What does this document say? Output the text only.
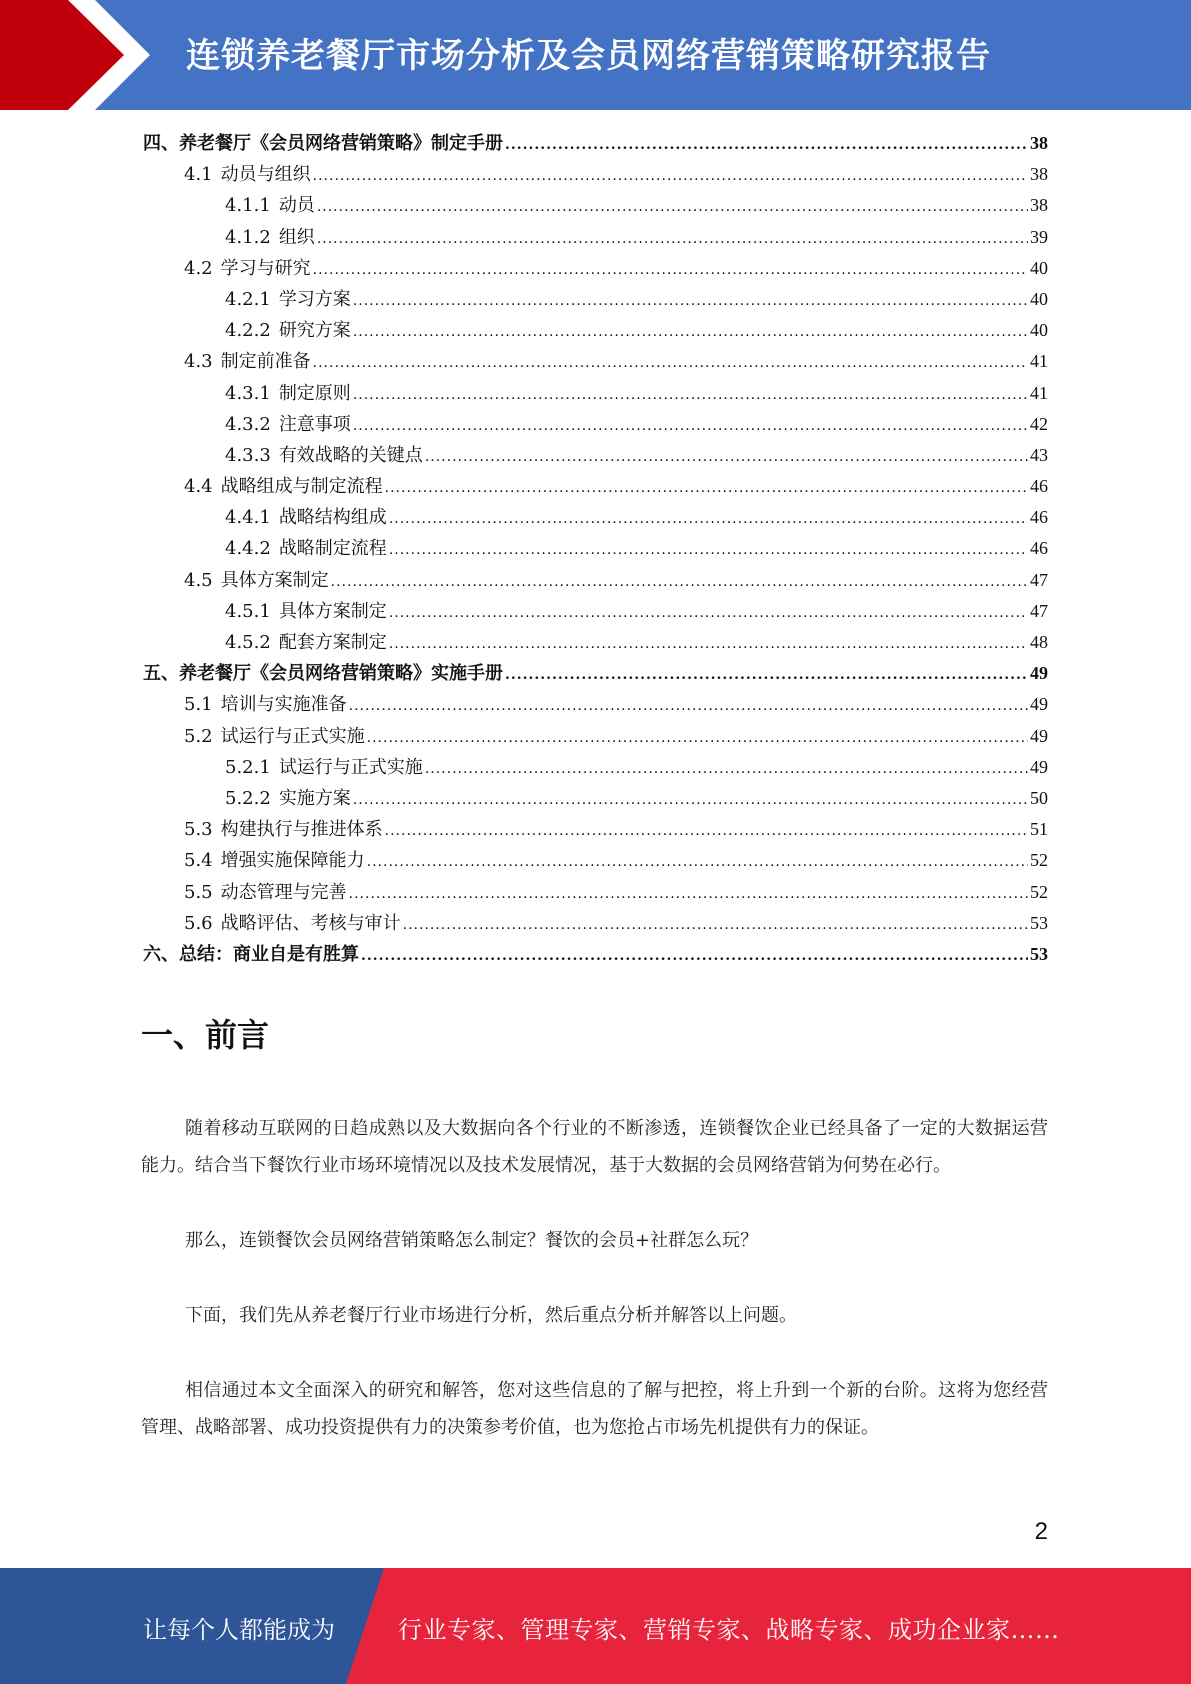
连锁养老餐厅市场分析及会员网络营销策略研究报告
四、养老餐厅《会员网络营销策略》制定手册 .....	38
4.1 动员与组织 .....	38
4.1.1 动员 .....	38
4.1.2 组织 .....	39
4.2 学习与研究 .....	40
4.2.1 学习方案 .....	40
4.2.2 研究方案 .....	40
4.3 制定前准备 .....	41
4.3.1 制定原则 .....	41
4.3.2 注意事项 .....	42
4.3.3 有效战略的关键点 .....	43
4.4 战略组成与制定流程 .....	46
4.4.1 战略结构组成 .....	46
4.4.2 战略制定流程 .....	46
4.5 具体方案制定 .....	47
4.5.1 具体方案制定 .....	47
4.5.2 配套方案制定 .....	48
五、养老餐厅《会员网络营销策略》实施手册 .....	49
5.1 培训与实施准备 .....	49
5.2 试运行与正式实施 .....	49
5.2.1 试运行与正式实施 .....	49
5.2.2 实施方案 .....	50
5.3 构建执行与推进体系 .....	51
5.4 增强实施保障能力 .....	52
5.5 动态管理与完善 .....	52
5.6 战略评估、考核与审计 .....	53
六、总结：商业自是有胜算 .....	53
一、前言

随着移动互联网的日趋成熟以及大数据向各个行业的不断渗透，连锁餐饮企业已经具备了一定的大数据运营能力。结合当下餐饮行业市场环境情况以及技术发展情况，基于大数据的会员网络营销为何势在必行。

那么，连锁餐饮会员网络营销策略怎么制定？餐饮的会员+社群怎么玩？

下面，我们先从养老餐厅行业市场进行分析，然后重点分析并解答以上问题。

相信通过本文全面深入的研究和解答，您对这些信息的了解与把控，将上升到一个新的台阶。这将为您经营管理、战略部署、成功投资提供有力的决策参考价值，也为您抢占市场先机提供有力的保证。

2

让每个人都能成为	行业专家、管理专家、营销专家、战略专家、成功企业家……
